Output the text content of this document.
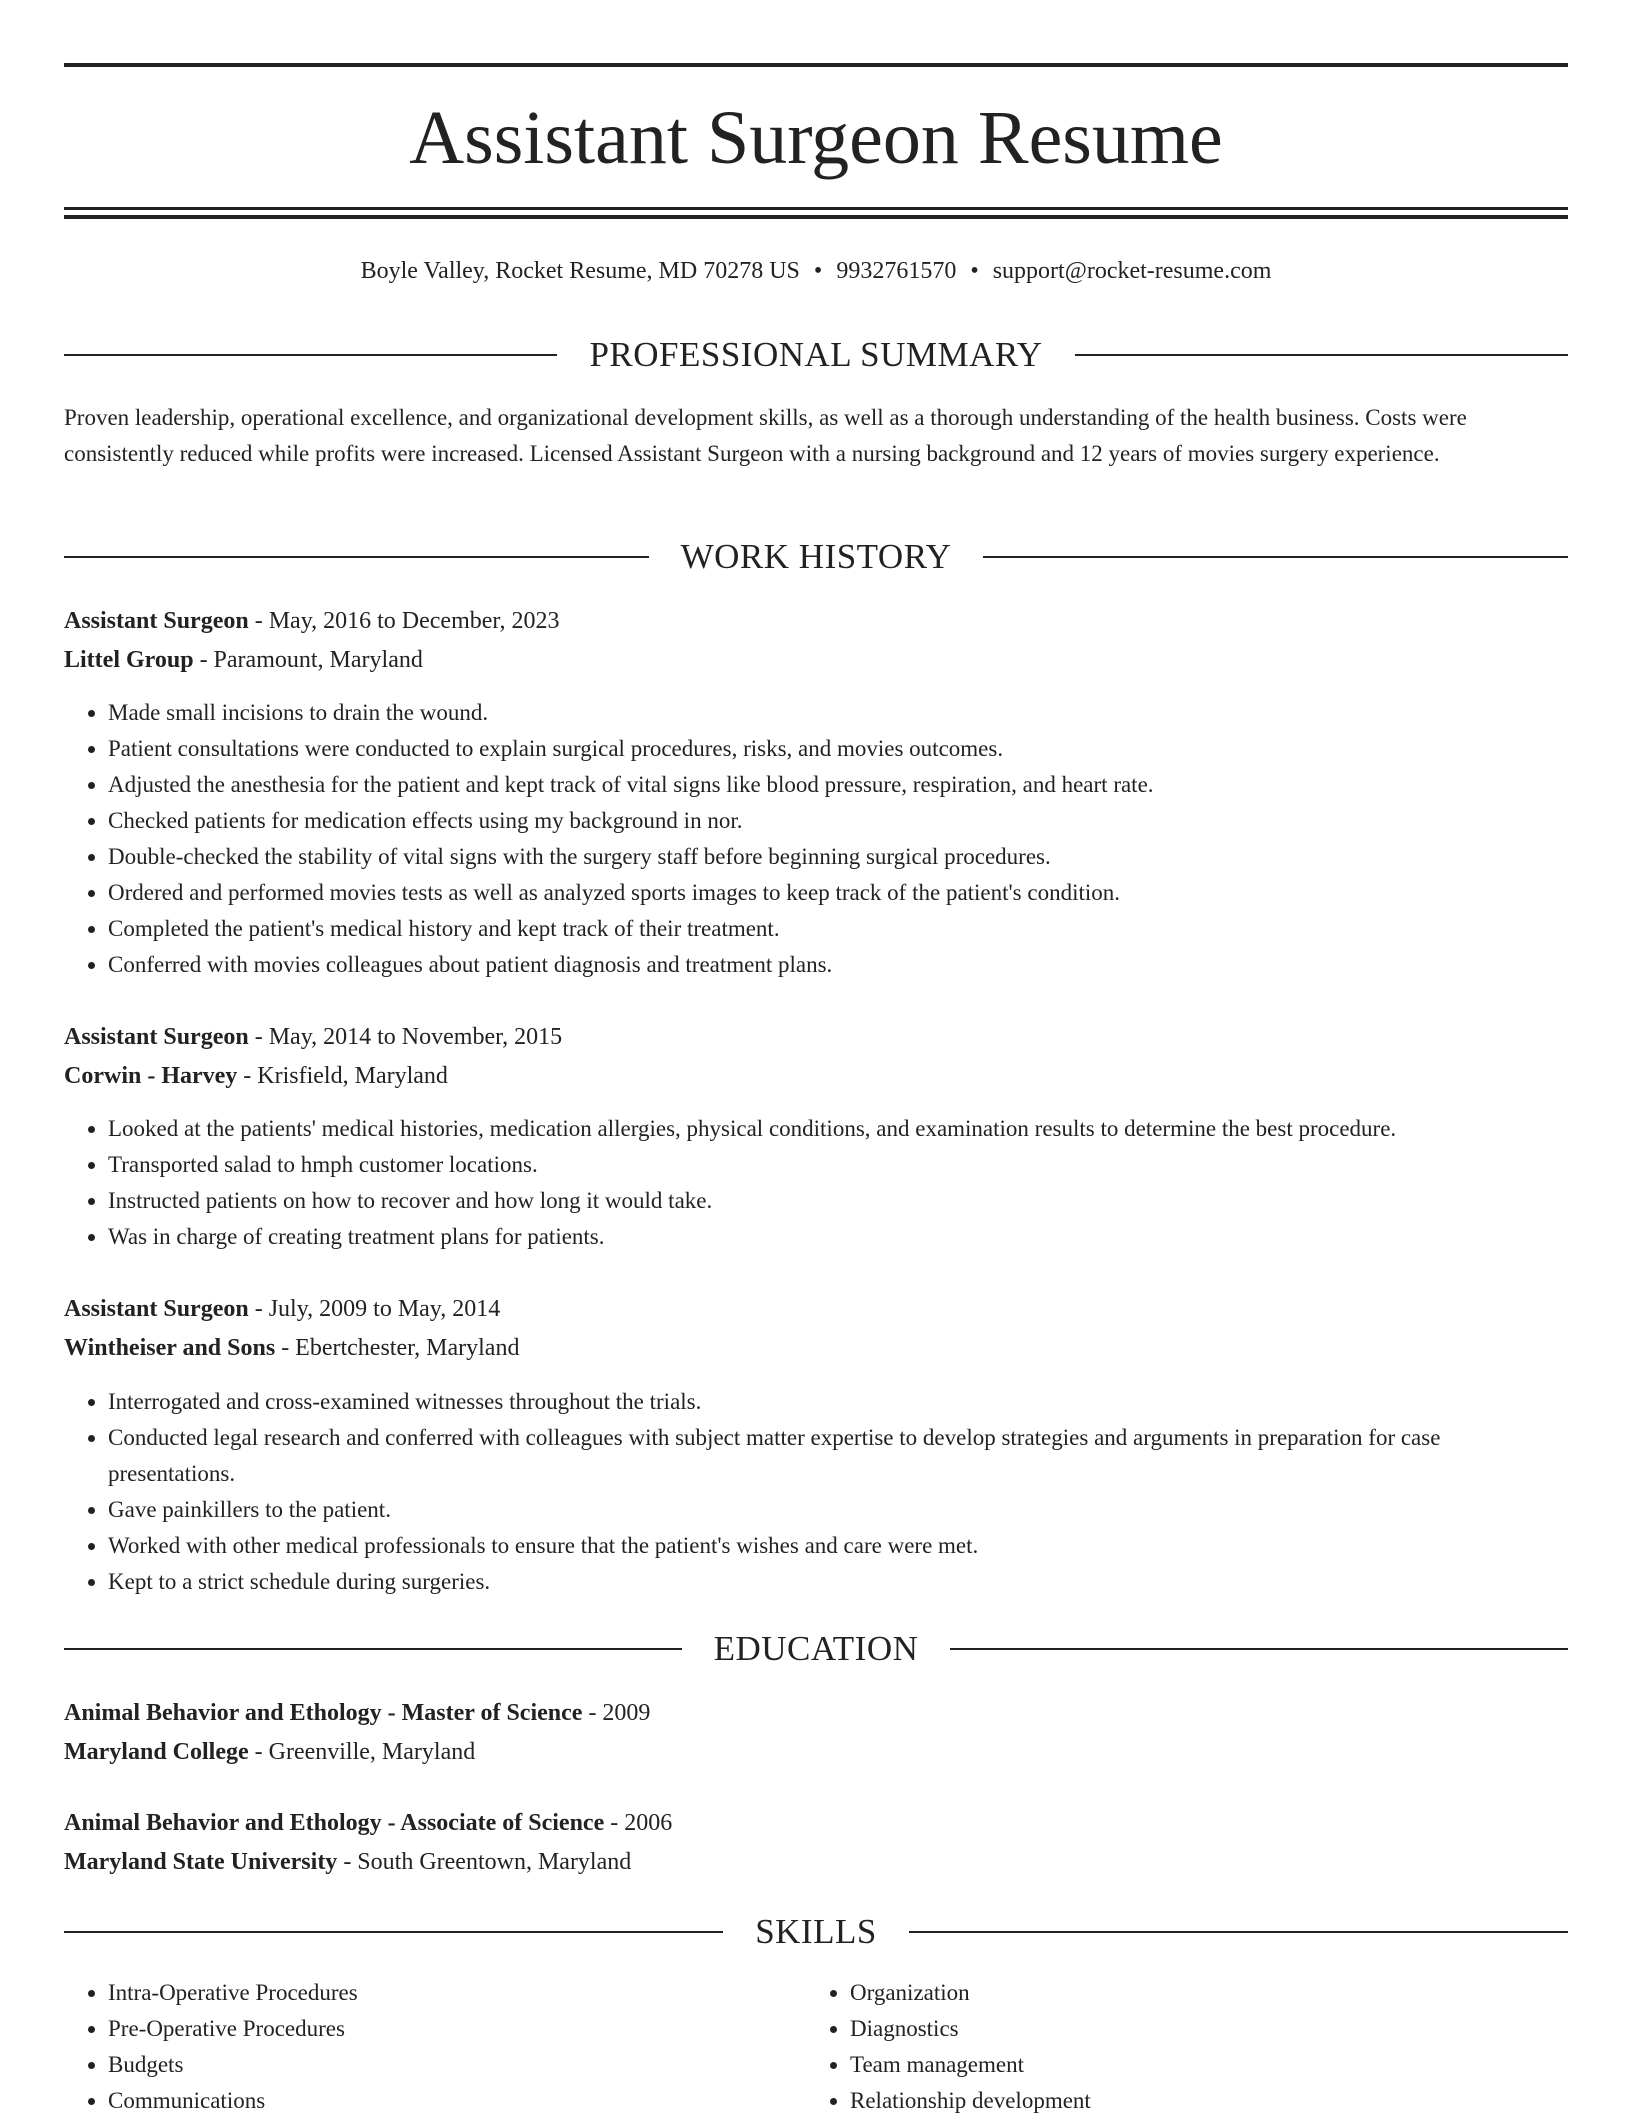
Assistant Surgeon Resume
Boyle Valley, Rocket Resume, MD 70278 US • 9932761570 • support@rocket-resume.com
PROFESSIONAL SUMMARY

Proven leadership, operational excellence, and organizational development skills, as well as a thorough understanding of the health business. Costs were consistently reduced while profits were increased. Licensed Assistant Surgeon with a nursing background and 12 years of movies surgery experience.

WORK HISTORY
Assistant Surgeon - May, 2016 to December, 2023
Littel Group - Paramount, Maryland
• Made small incisions to drain the wound.
• Patient consultations were conducted to explain surgical procedures, risks, and movies outcomes.
• Adjusted the anesthesia for the patient and kept track of vital signs like blood pressure, respiration, and heart rate.
• Checked patients for medication effects using my background in nor.
• Double-checked the stability of vital signs with the surgery staff before beginning surgical procedures.
• Ordered and performed movies tests as well as analyzed sports images to keep track of the patient's condition.
• Completed the patient's medical history and kept track of their treatment.
• Conferred with movies colleagues about patient diagnosis and treatment plans.
Assistant Surgeon - May, 2014 to November, 2015
Corwin - Harvey - Krisfield, Maryland
• Looked at the patients' medical histories, medication allergies, physical conditions, and examination results to determine the best procedure.
• Transported salad to hmph customer locations.
• Instructed patients on how to recover and how long it would take.
• Was in charge of creating treatment plans for patients.
Assistant Surgeon - July, 2009 to May, 2014
Wintheiser and Sons - Ebertchester, Maryland
• Interrogated and cross-examined witnesses throughout the trials.
• Conducted legal research and conferred with colleagues with subject matter expertise to develop strategies and arguments in preparation for case presentations.
• Gave painkillers to the patient.
• Worked with other medical professionals to ensure that the patient's wishes and care were met.
• Kept to a strict schedule during surgeries.
EDUCATION
Animal Behavior and Ethology - Master of Science - 2009
Maryland College - Greenville, Maryland
Animal Behavior and Ethology - Associate of Science - 2006
Maryland State University - South Greentown, Maryland
SKILLS
• Intra-Operative Procedures
• Pre-Operative Procedures
• Budgets
• Communications
• Organization
• Diagnostics
• Team management
• Relationship development
